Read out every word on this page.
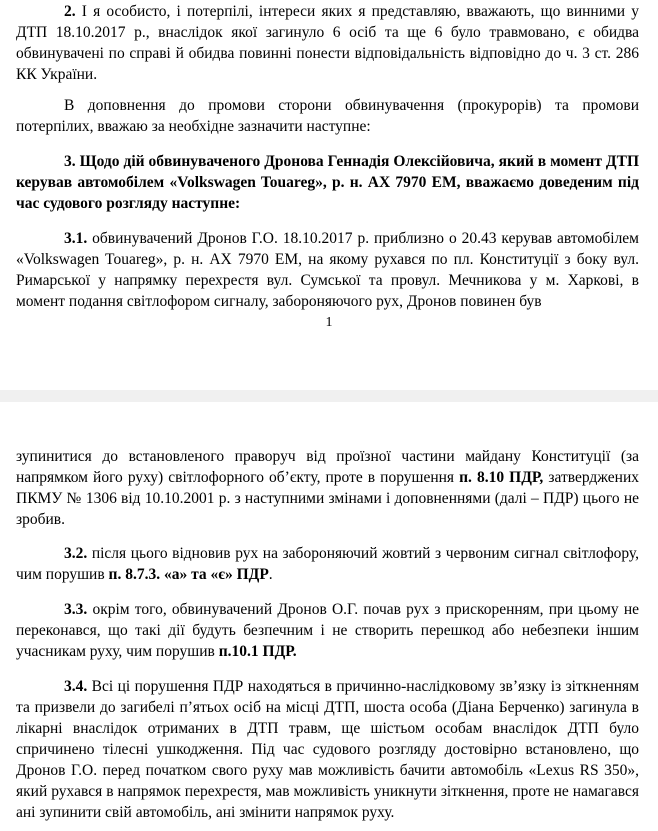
2. І я особисто, і потерпілі, інтереси яких я представляю, вважають, що винними у ДТП 18.10.2017 р., внаслідок якої загинуло 6 осіб та ще 6 було травмовано, є обидва обвинувачені по справі й обидва повинні понести відповідальність відповідно до ч. 3 ст. 286 КК України.

В доповнення до промови сторони обвинувачення (прокурорів) та промови потерпілих, вважаю за необхідне зазначити наступне:

3. Щодо дій обвинуваченого Дронова Геннадія Олексійовича, який в момент ДТП керував автомобілем «Volkswagen Touareg», р. н. АХ 7970 ЕМ, вважаємо доведеним під час судового розгляду наступне:

3.1. обвинувачений Дронов Г.О. 18.10.2017 р. приблизно о 20.43 керував автомобілем «Volkswagen Touareg», р. н. АХ 7970 ЕМ, на якому рухався по пл. Конституції з боку вул. Римарської у напрямку перехрестя вул. Сумської та провул. Мечникова у м. Харкові, в момент подання світлофором сигналу, забороняючого рух, Дронов повинен був

1

зупинитися до встановленого праворуч від проїзної частини майдану Конституції (за напрямком його руху) світлофорного об’єкту, проте в порушення п. 8.10 ПДР, затверджених ПКМУ № 1306 від 10.10.2001 р. з наступними змінами і доповненнями (далі – ПДР) цього не зробив.

3.2. після цього відновив рух на забороняючий жовтий з червоним сигнал світлофору, чим порушив п. 8.7.3. «а» та «є» ПДР.

3.3. окрім того, обвинувачений Дронов О.Г. почав рух з прискоренням, при цьому не переконався, що такі дії будуть безпечним і не створить перешкод або небезпеки іншим учасникам руху, чим порушив п.10.1 ПДР.

3.4. Всі ці порушення ПДР находяться в причинно-наслідковому зв’язку із зіткненням та призвели до загибелі п’ятьох осіб на місці ДТП, шоста особа (Діана Берченко) загинула в лікарні внаслідок отриманих в ДТП травм, ще шістьом особам внаслідок ДТП було спричинено тілесні ушкодження. Під час судового розгляду достовірно встановлено, що Дронов Г.О. перед початком свого руху мав можливість бачити автомобіль «Lexus RS 350», який рухався в напрямок перехрестя, мав можливість уникнути зіткнення, проте не намагався ані зупинити свій автомобіль, ані змінити напрямок руху.
